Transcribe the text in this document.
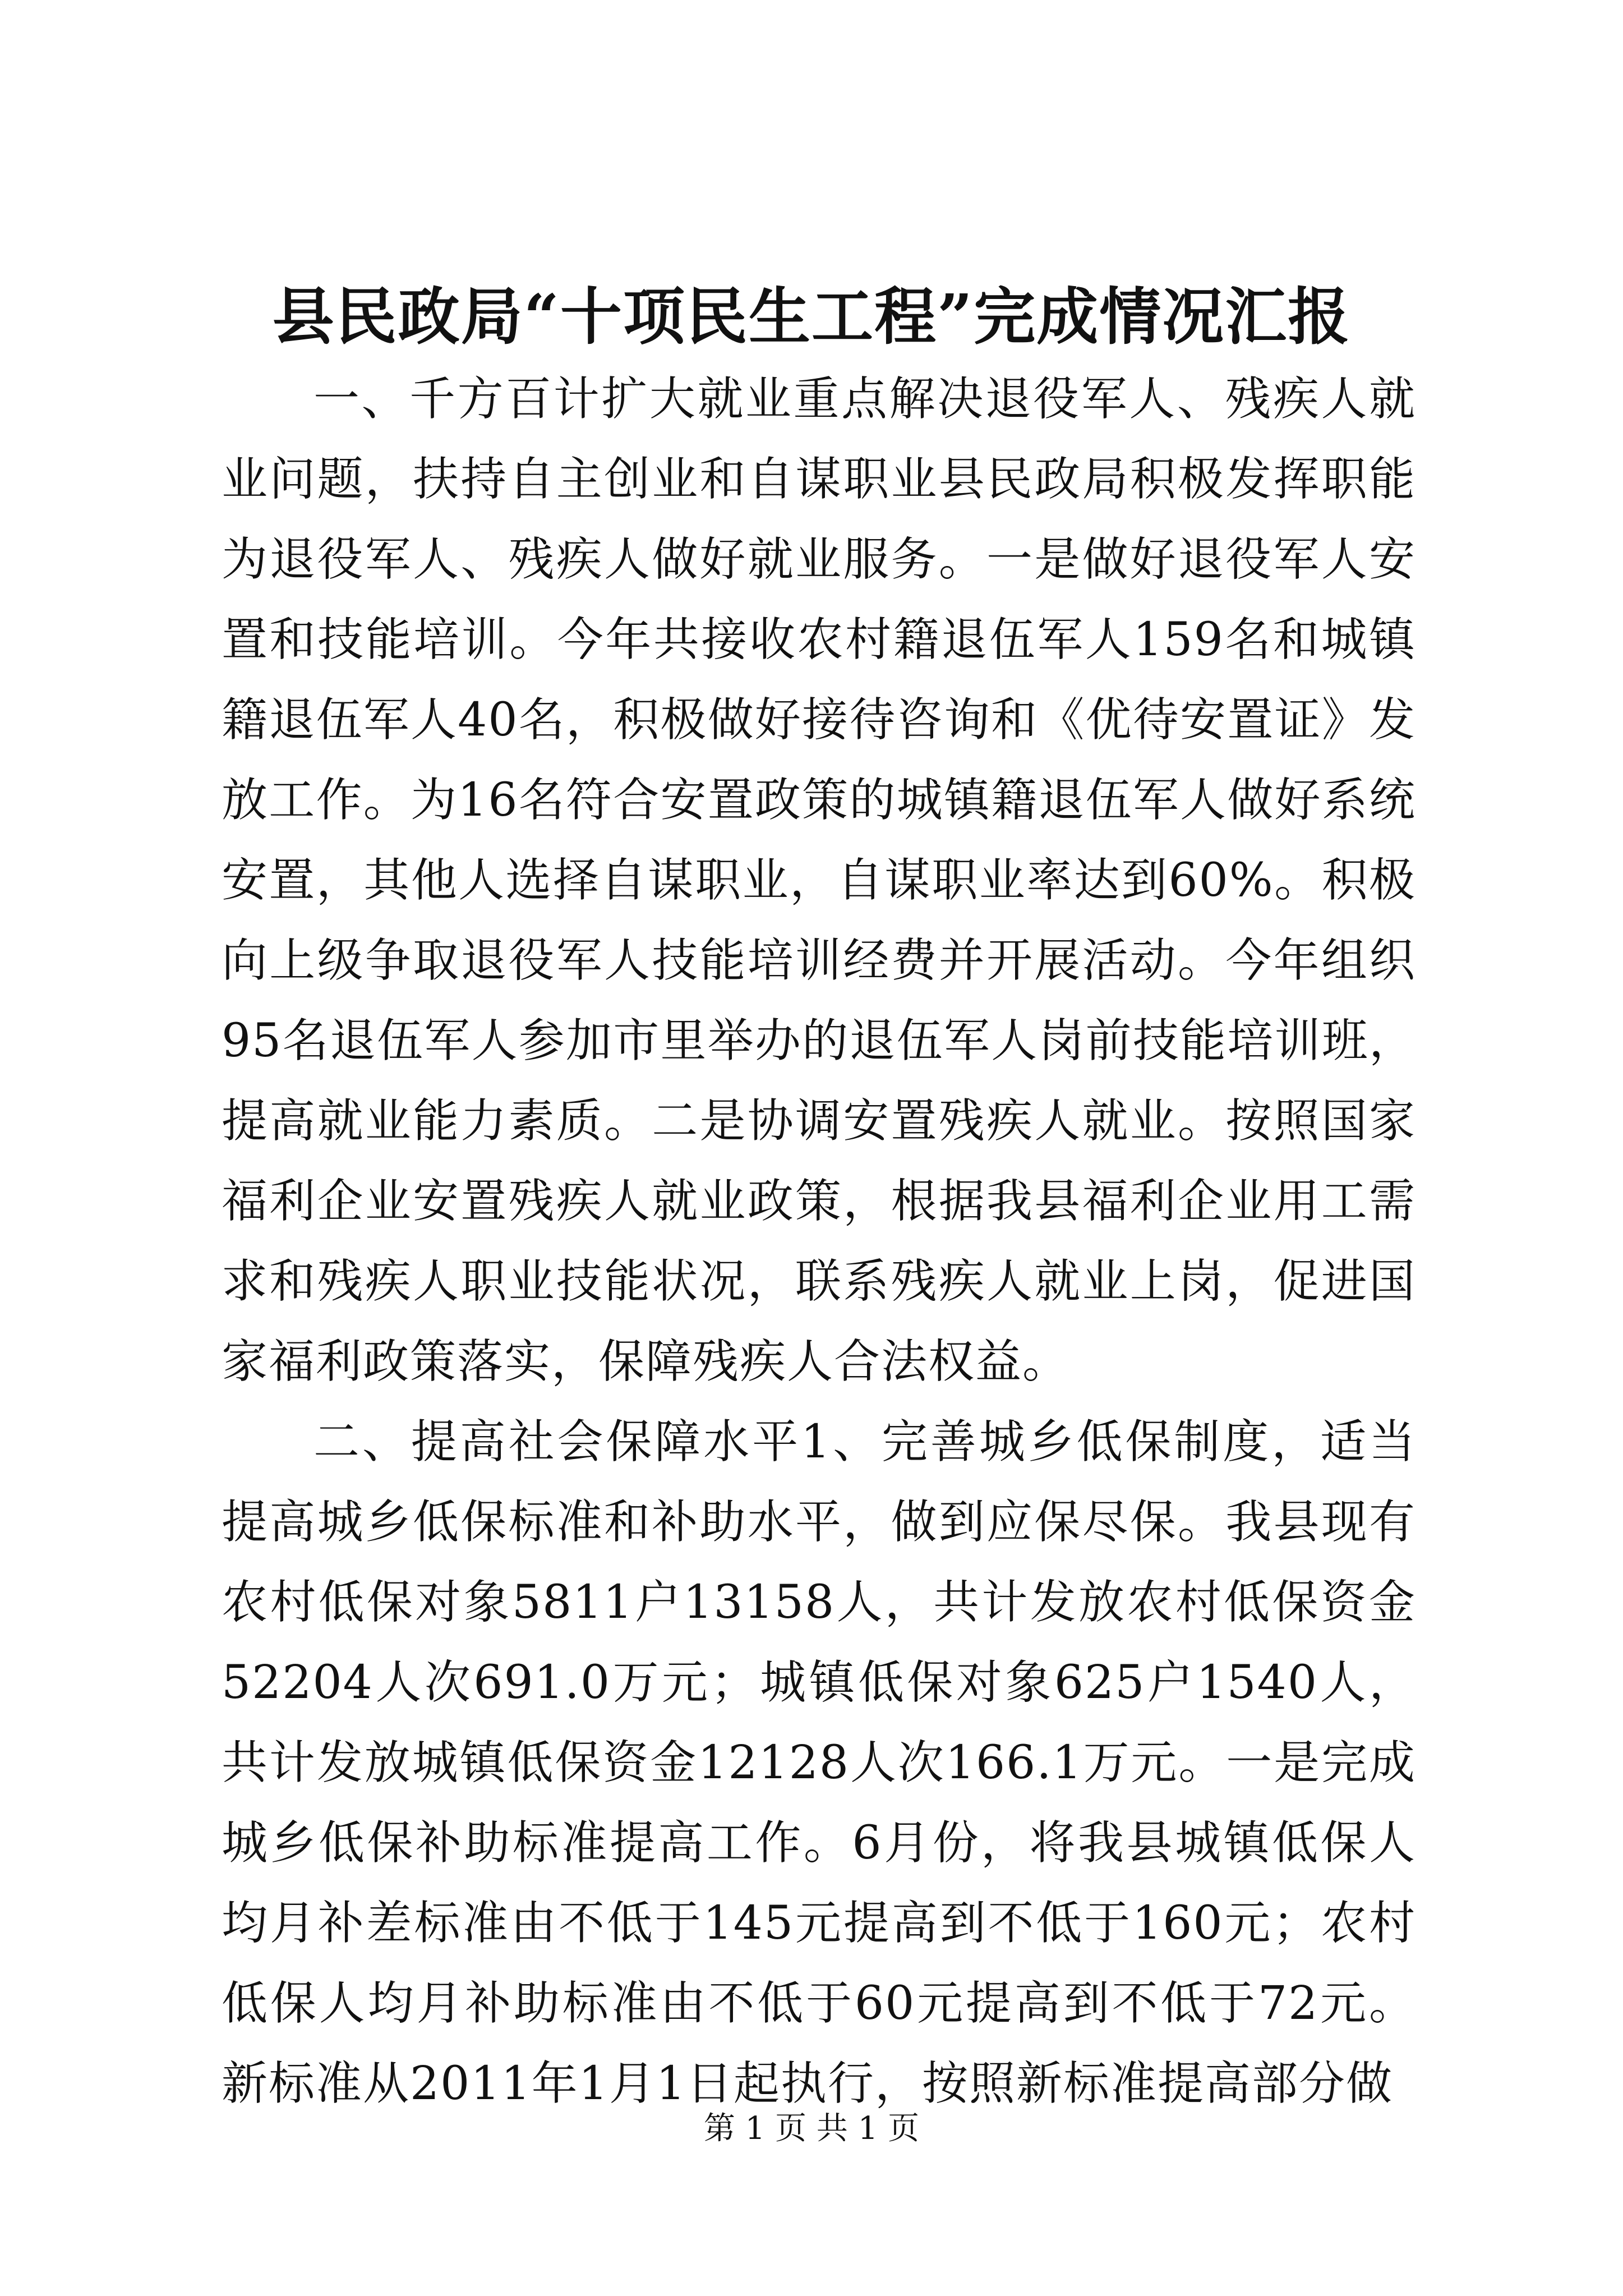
县民政局“十项民生工程”完成情况汇报

一、千方百计扩大就业重点解决退役军人、残疾人就业问题，扶持自主创业和自谋职业县民政局积极发挥职能为退役军人、残疾人做好就业服务。一是做好退役军人安置和技能培训。今年共接收农村籍退伍军人159名和城镇籍退伍军人40名，积极做好接待咨询和《优待安置证》发放工作。为16名符合安置政策的城镇籍退伍军人做好系统安置，其他人选择自谋职业，自谋职业率达到60%。积极向上级争取退役军人技能培训经费并开展活动。今年组织95名退伍军人参加市里举办的退伍军人岗前技能培训班，提高就业能力素质。二是协调安置残疾人就业。按照国家福利企业安置残疾人就业政策，根据我县福利企业用工需求和残疾人职业技能状况，联系残疾人就业上岗，促进国家福利政策落实，保障残疾人合法权益。

二、提高社会保障水平1、完善城乡低保制度，适当提高城乡低保标准和补助水平，做到应保尽保。我县现有农村低保对象5811户13158人，共计发放农村低保资金52204人次691.0万元；城镇低保对象625户1540人，共计发放城镇低保资金12128人次166.1万元。一是完成城乡低保补助标准提高工作。6月份，将我县城镇低保人均月补差标准由不低于145元提高到不低于160元；农村低保人均月补助标准由不低于60元提高到不低于72元。新标准从2011年1月1日起执行，按照新标准提高部分做

第 1 页 共 1 页
